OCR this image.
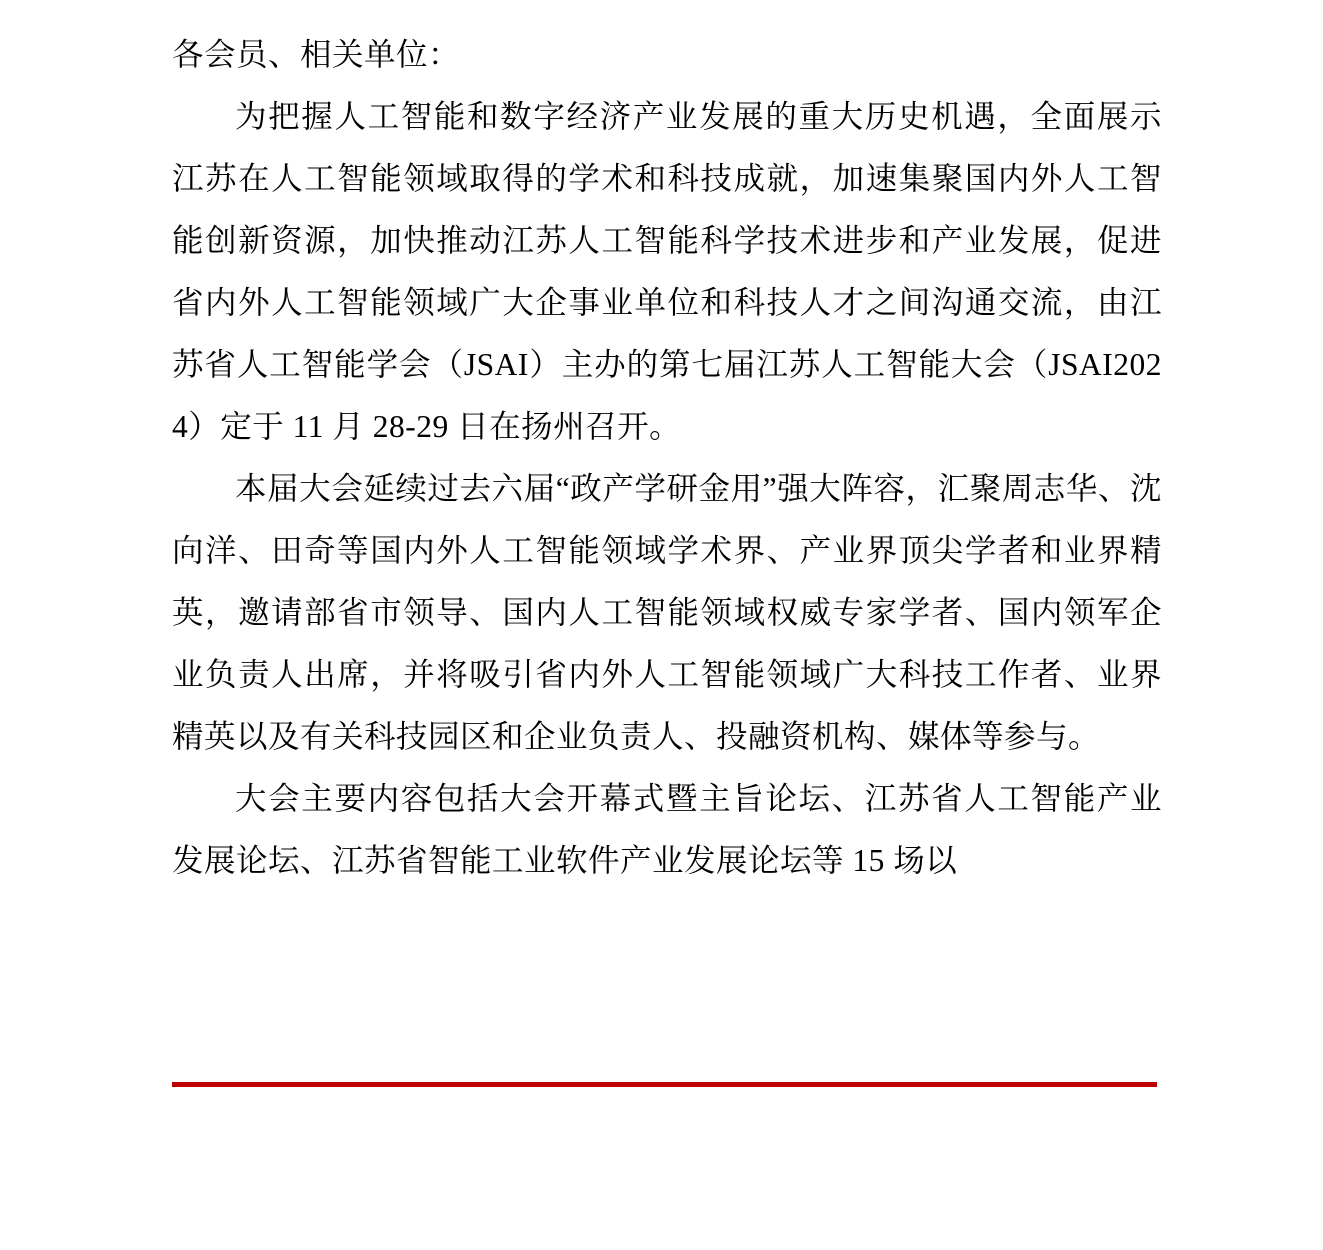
各会员、相关单位：

为把握人工智能和数字经济产业发展的重大历史机遇，全面展示江苏在人工智能领域取得的学术和科技成就，加速集聚国内外人工智能创新资源，加快推动江苏人工智能科学技术进步和产业发展，促进省内外人工智能领域广大企事业单位和科技人才之间沟通交流，由江苏省人工智能学会（JSAI）主办的第七届江苏人工智能大会（JSAI2024）定于 11 月 28-29 日在扬州召开。

本届大会延续过去六届“政产学研金用”强大阵容，汇聚周志华、沈向洋、田奇等国内外人工智能领域学术界、产业界顶尖学者和业界精英，邀请部省市领导、国内人工智能领域权威专家学者、国内领军企业负责人出席，并将吸引省内外人工智能领域广大科技工作者、业界精英以及有关科技园区和企业负责人、投融资机构、媒体等参与。

大会主要内容包括大会开幕式暨主旨论坛、江苏省人工智能产业发展论坛、江苏省智能工业软件产业发展论坛等 15 场以
